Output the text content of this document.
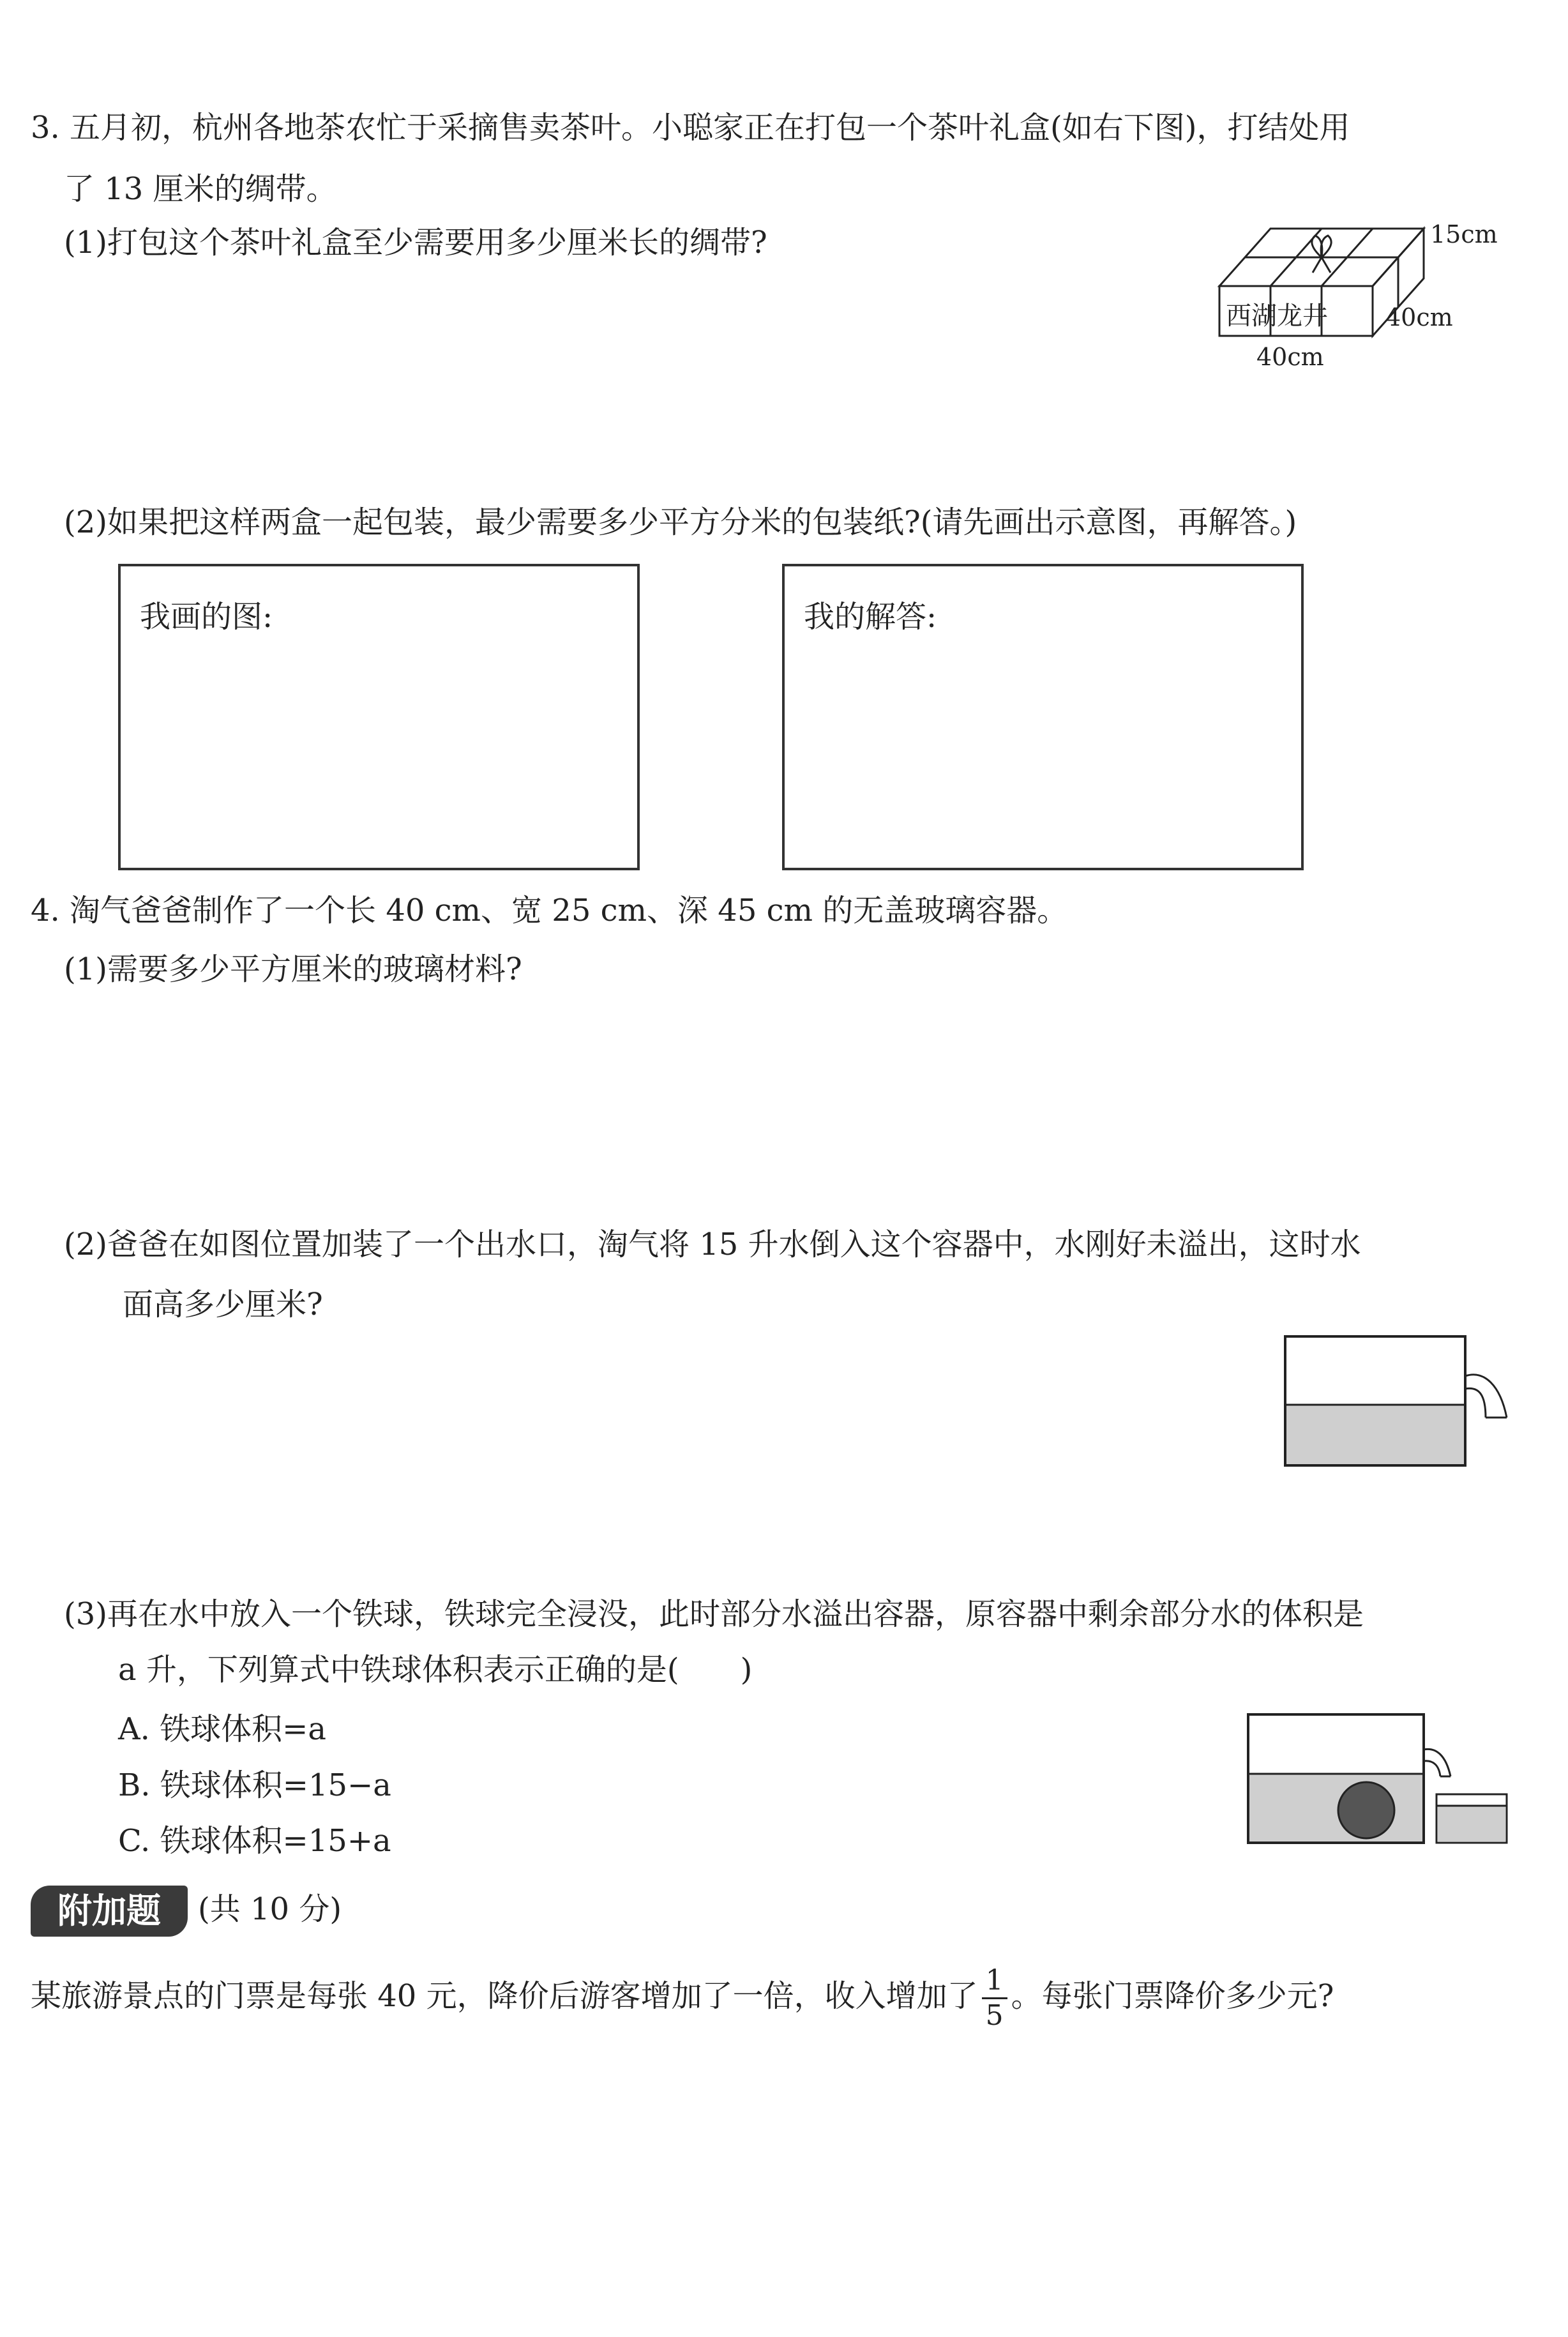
3. 五月初，杭州各地茶农忙于采摘售卖茶叶。小聪家正在打包一个茶叶礼盒(如右下图)，打结处用
了 13 厘米的绸带。
(1)打包这个茶叶礼盒至少需要用多少厘米长的绸带?
西湖龙井
15cm
40cm
40cm
(2)如果把这样两盒一起包装，最少需要多少平方分米的包装纸?(请先画出示意图，再解答。)
我画的图:	我的解答:
4. 淘气爸爸制作了一个长 40 cm、宽 25 cm、深 45 cm 的无盖玻璃容器。
(1)需要多少平方厘米的玻璃材料?
(2)爸爸在如图位置加装了一个出水口，淘气将 15 升水倒入这个容器中，水刚好未溢出，这时水
面高多少厘米?
(3)再在水中放入一个铁球，铁球完全浸没，此时部分水溢出容器，原容器中剩余部分水的体积是
a 升，下列算式中铁球体积表示正确的是(　　)
A. 铁球体积=a
B. 铁球体积=15−a
C. 铁球体积=15+a
附加题	(共 10 分)
某旅游景点的门票是每张 40 元，降价后游客增加了一倍，收入增加了 $\frac{1}{5}$ 。每张门票降价多少元?
